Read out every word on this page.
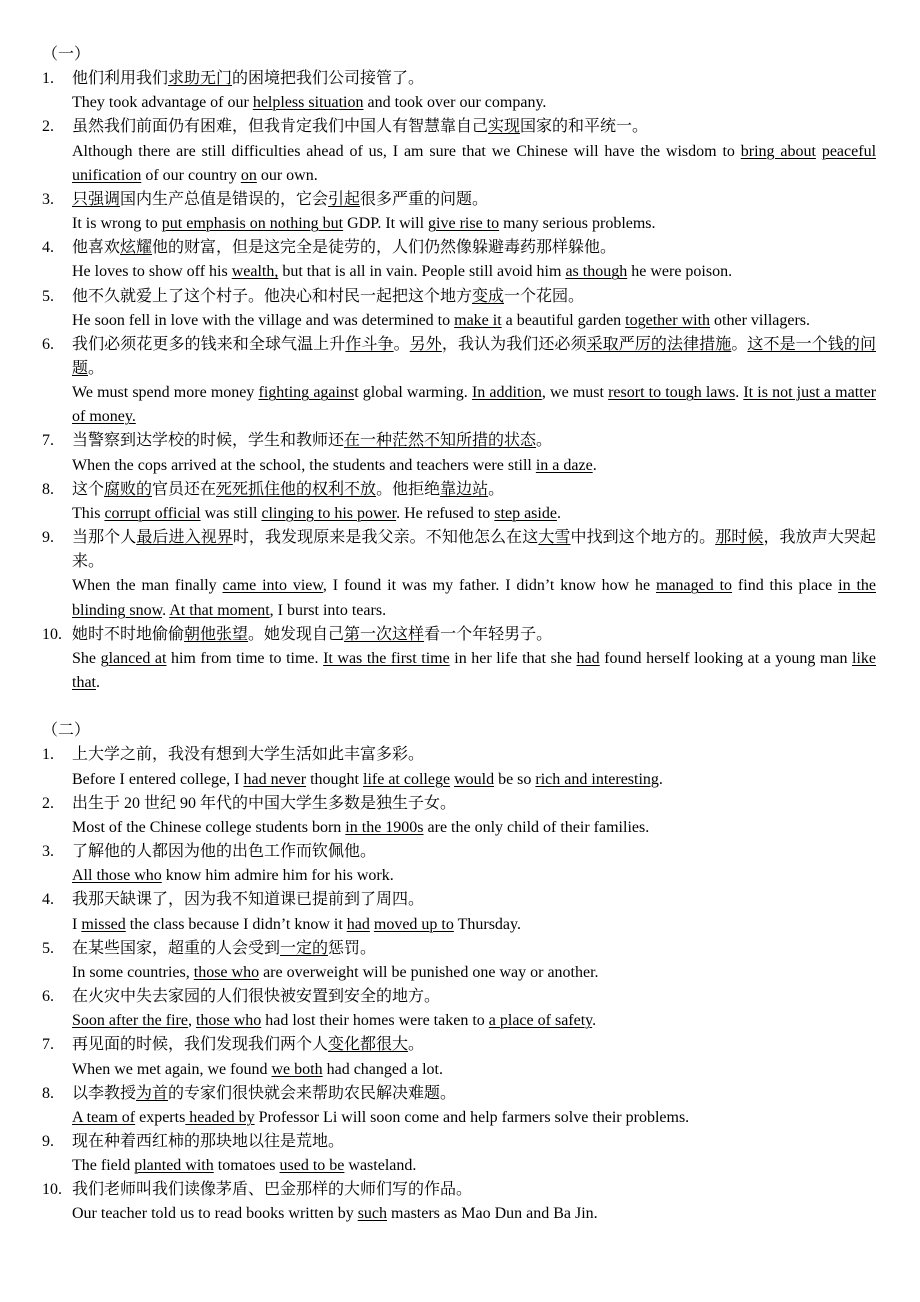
（一）
1.	他们利用我们求助无门的困境把我们公司接管了。

They took advantage of our helpless situation and took over our company.

2.	虽然我们前面仍有困难，但我肯定我们中国人有智慧靠自己实现国家的和平统一。

Although there are still difficulties ahead of us, I am sure that we Chinese will have the wisdom to bring about peaceful unification of our country on our own.

3.	只强调国内生产总值是错误的，它会引起很多严重的问题。

It is wrong to put emphasis on nothing but GDP. It will give rise to many serious problems.

4.	他喜欢炫耀他的财富，但是这完全是徒劳的，人们仍然像躲避毒药那样躲他。

He loves to show off his wealth, but that is all in vain. People still avoid him as though he were poison.

5.	他不久就爱上了这个村子。他决心和村民一起把这个地方变成一个花园。

He soon fell in love with the village and was determined to make it a beautiful garden together with other villagers.

6.	我们必须花更多的钱来和全球气温上升作斗争。另外，我认为我们还必须采取严厉的法律措施。这不是一个钱的问题。

We must spend more money fighting against global warming. In addition, we must resort to tough laws. It is not just a matter of money.

7.	当警察到达学校的时候，学生和教师还在一种茫然不知所措的状态。

When the cops arrived at the school, the students and teachers were still in a daze.

8.	这个腐败的官员还在死死抓住他的权利不放。他拒绝靠边站。

This corrupt official was still clinging to his power. He refused to step aside.

9.	当那个人最后进入视界时，我发现原来是我父亲。不知他怎么在这大雪中找到这个地方的。那时候，我放声大哭起来。

When the man finally came into view, I found it was my father. I didn’t know how he managed to find this place in the blinding snow. At that moment, I burst into tears.

10. 她时不时地偷偷朝他张望。她发现自己第一次这样看一个年轻男子。

She glanced at him from time to time. It was the first time in her life that she had found herself looking at a young man like that.

（二）
1.	上大学之前，我没有想到大学生活如此丰富多彩。

Before I entered college, I had never thought life at college would be so rich and interesting.

2.	出生于 20 世纪 90 年代的中国大学生多数是独生子女。

Most of the Chinese college students born in the 1900s are the only child of their families.

3.	了解他的人都因为他的出色工作而钦佩他。

All those who know him admire him for his work.

4.	我那天缺课了，因为我不知道课已提前到了周四。

I missed the class because I didn’t know it had moved up to Thursday.

5.	在某些国家，超重的人会受到一定的惩罚。

In some countries, those who are overweight will be punished one way or another.

6.	在火灾中失去家园的人们很快被安置到安全的地方。

Soon after the fire, those who had lost their homes were taken to a place of safety.

7.	再见面的时候，我们发现我们两个人变化都很大。

When we met again, we found we both had changed a lot.

8.	以李教授为首的专家们很快就会来帮助农民解决难题。

A team of experts headed by Professor Li will soon come and help farmers solve their problems.

9.	现在种着西红柿的那块地以往是荒地。

The field planted with tomatoes used to be wasteland.

10. 我们老师叫我们读像茅盾、巴金那样的大师们写的作品。

Our teacher told us to read books written by such masters as Mao Dun and Ba Jin.
